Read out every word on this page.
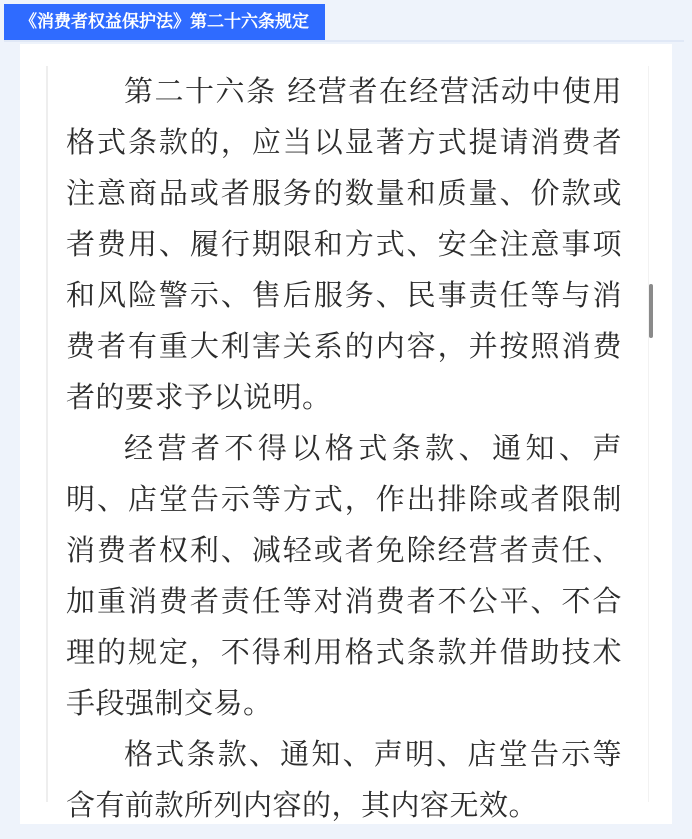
《消费者权益保护法》第二十六条规定

第二十六条 经营者在经营活动中使用格式条款的，应当以显著方式提请消费者注意商品或者服务的数量和质量、价款或者费用、履行期限和方式、安全注意事项和风险警示、售后服务、民事责任等与消费者有重大利害关系的内容，并按照消费者的要求予以说明。

经营者不得以格式条款、通知、声明、店堂告示等方式，作出排除或者限制消费者权利、减轻或者免除经营者责任、加重消费者责任等对消费者不公平、不合理的规定，不得利用格式条款并借助技术手段强制交易。

格式条款、通知、声明、店堂告示等含有前款所列内容的，其内容无效。
